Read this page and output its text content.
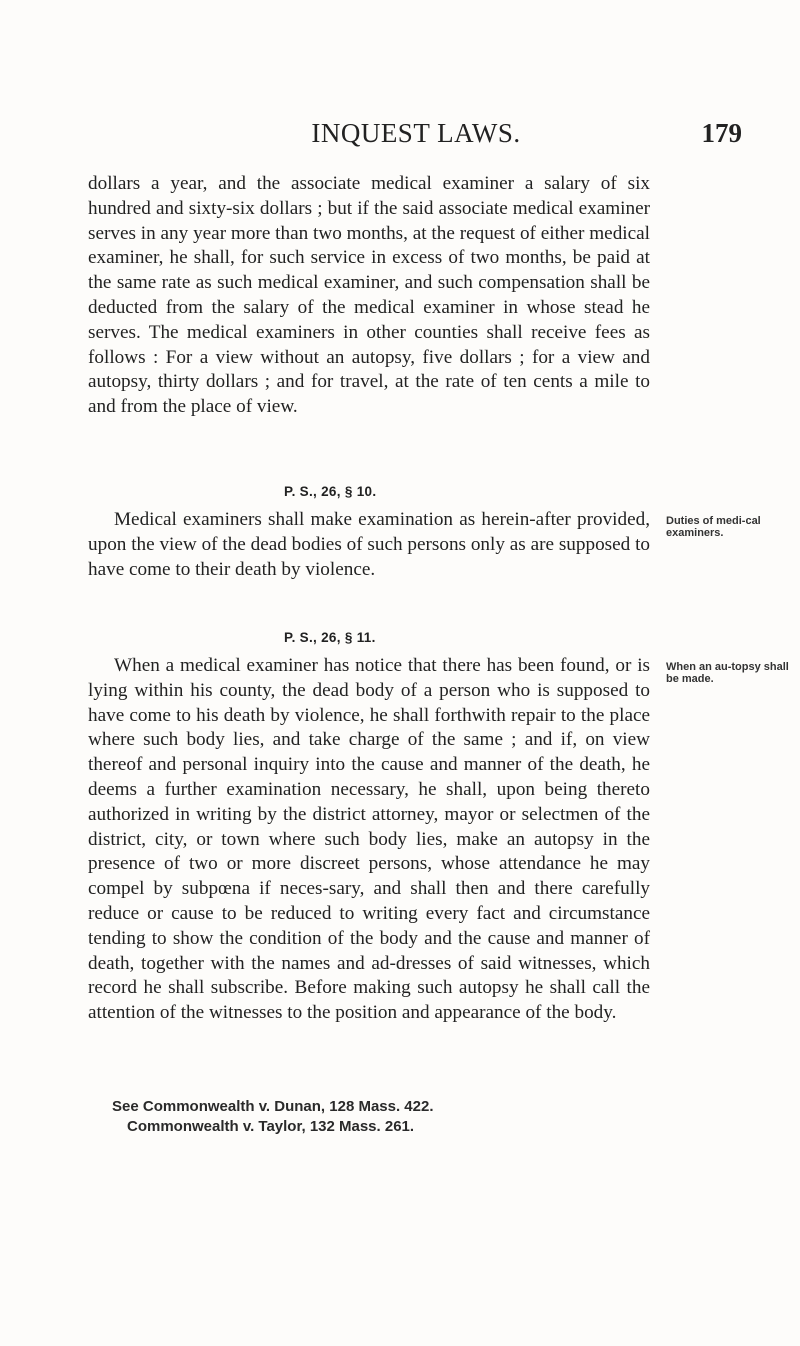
INQUEST LAWS.	179

dollars a year, and the associate medical examiner a salary of six hundred and sixty-six dollars ; but if the said associate medical examiner serves in any year more than two months, at the request of either medical examiner, he shall, for such service in excess of two months, be paid at the same rate as such medical examiner, and such compensation shall be deducted from the salary of the medical examiner in whose stead he serves. The medical examiners in other counties shall receive fees as follows : For a view without an autopsy, five dollars ; for a view and autopsy, thirty dollars ; and for travel, at the rate of ten cents a mile to and from the place of view.

P. S., 26, § 10.

Medical examiners shall make examination as herein-after provided, upon the view of the dead bodies of such persons only as are supposed to have come to their death by violence.

Duties of medi-cal examiners.
P. S., 26, § 11.

When a medical examiner has notice that there has been found, or is lying within his county, the dead body of a person who is supposed to have come to his death by violence, he shall forthwith repair to the place where such body lies, and take charge of the same ; and if, on view thereof and personal inquiry into the cause and manner of the death, he deems a further examination necessary, he shall, upon being thereto authorized in writing by the district attorney, mayor or selectmen of the district, city, or town where such body lies, make an autopsy in the presence of two or more discreet persons, whose attendance he may compel by subpœna if neces-sary, and shall then and there carefully reduce or cause to be reduced to writing every fact and circumstance tending to show the condition of the body and the cause and manner of death, together with the names and ad-dresses of said witnesses, which record he shall subscribe. Before making such autopsy he shall call the attention of the witnesses to the position and appearance of the body.

When an au-topsy shall be made.
See Commonwealth v. Dunan, 128 Mass. 422.
Commonwealth v. Taylor, 132 Mass. 261.
